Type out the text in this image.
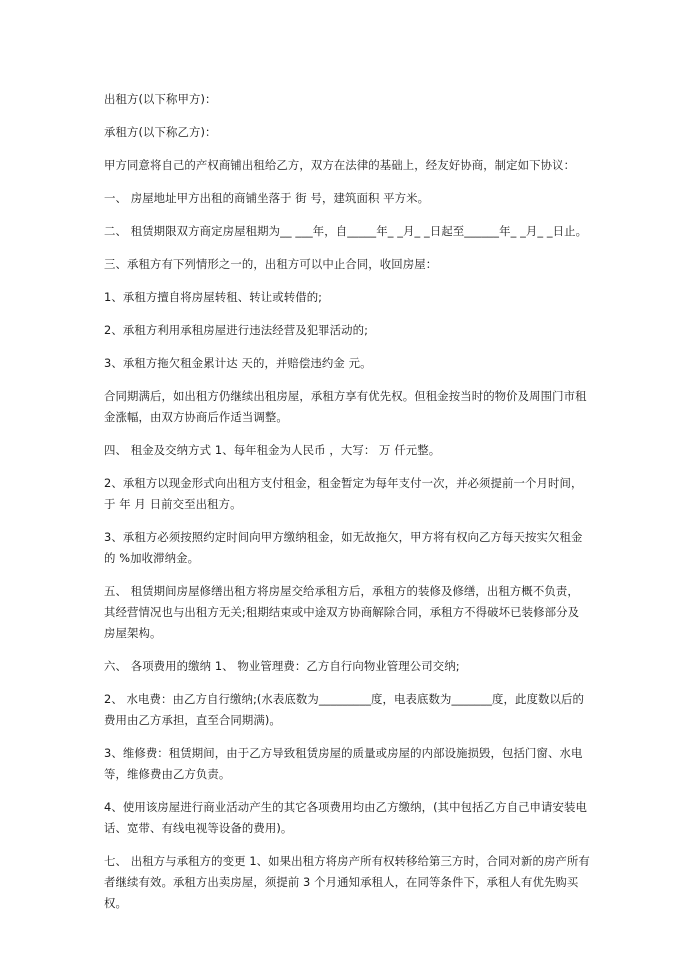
出租方(以下称甲方)：

承租方(以下称乙方)：

甲方同意将自己的产权商铺出租给乙方，双方在法律的基础上，经友好协商，制定如下协议：

一、 房屋地址甲方出租的商铺坐落于 街 号，建筑面积 平方米。

二、 租赁期限双方商定房屋租期为__ ___年，自_____年_ _月_ _日起至______年_ _月_ _日止。

三、承租方有下列情形之一的，出租方可以中止合同，收回房屋：

1、承租方擅自将房屋转租、转让或转借的;

2、承租方利用承租房屋进行违法经营及犯罪活动的;

3、承租方拖欠租金累计达 天的，并赔偿违约金 元。

合同期满后，如出租方仍继续出租房屋，承租方享有优先权。但租金按当时的物价及周围门市租金涨幅，由双方协商后作适当调整。

四、 租金及交纳方式 1、每年租金为人民币 ，大写： 万 仟元整。

2、承租方以现金形式向出租方支付租金，租金暂定为每年支付一次，并必须提前一个月时间，于 年 月 日前交至出租方。

3、承租方必须按照约定时间向甲方缴纳租金，如无故拖欠，甲方将有权向乙方每天按实欠租金的 %加收滞纳金。

五、 租赁期间房屋修缮出租方将房屋交给承租方后，承租方的装修及修缮，出租方概不负责，其经营情况也与出租方无关;租期结束或中途双方协商解除合同，承租方不得破坏已装修部分及房屋架构。

六、 各项费用的缴纳 1、 物业管理费：乙方自行向物业管理公司交纳;

2、 水电费：由乙方自行缴纳;(水表底数为_________度，电表底数为_______度，此度数以后的费用由乙方承担，直至合同期满)。

3、维修费：租赁期间，由于乙方导致租赁房屋的质量或房屋的内部设施损毁，包括门窗、水电等，维修费由乙方负责。

4、使用该房屋进行商业活动产生的其它各项费用均由乙方缴纳，(其中包括乙方自己申请安装电话、宽带、有线电视等设备的费用)。

七、 出租方与承租方的变更 1、如果出租方将房产所有权转移给第三方时，合同对新的房产所有者继续有效。承租方出卖房屋，须提前 3 个月通知承租人，在同等条件下，承租人有优先购买权。
